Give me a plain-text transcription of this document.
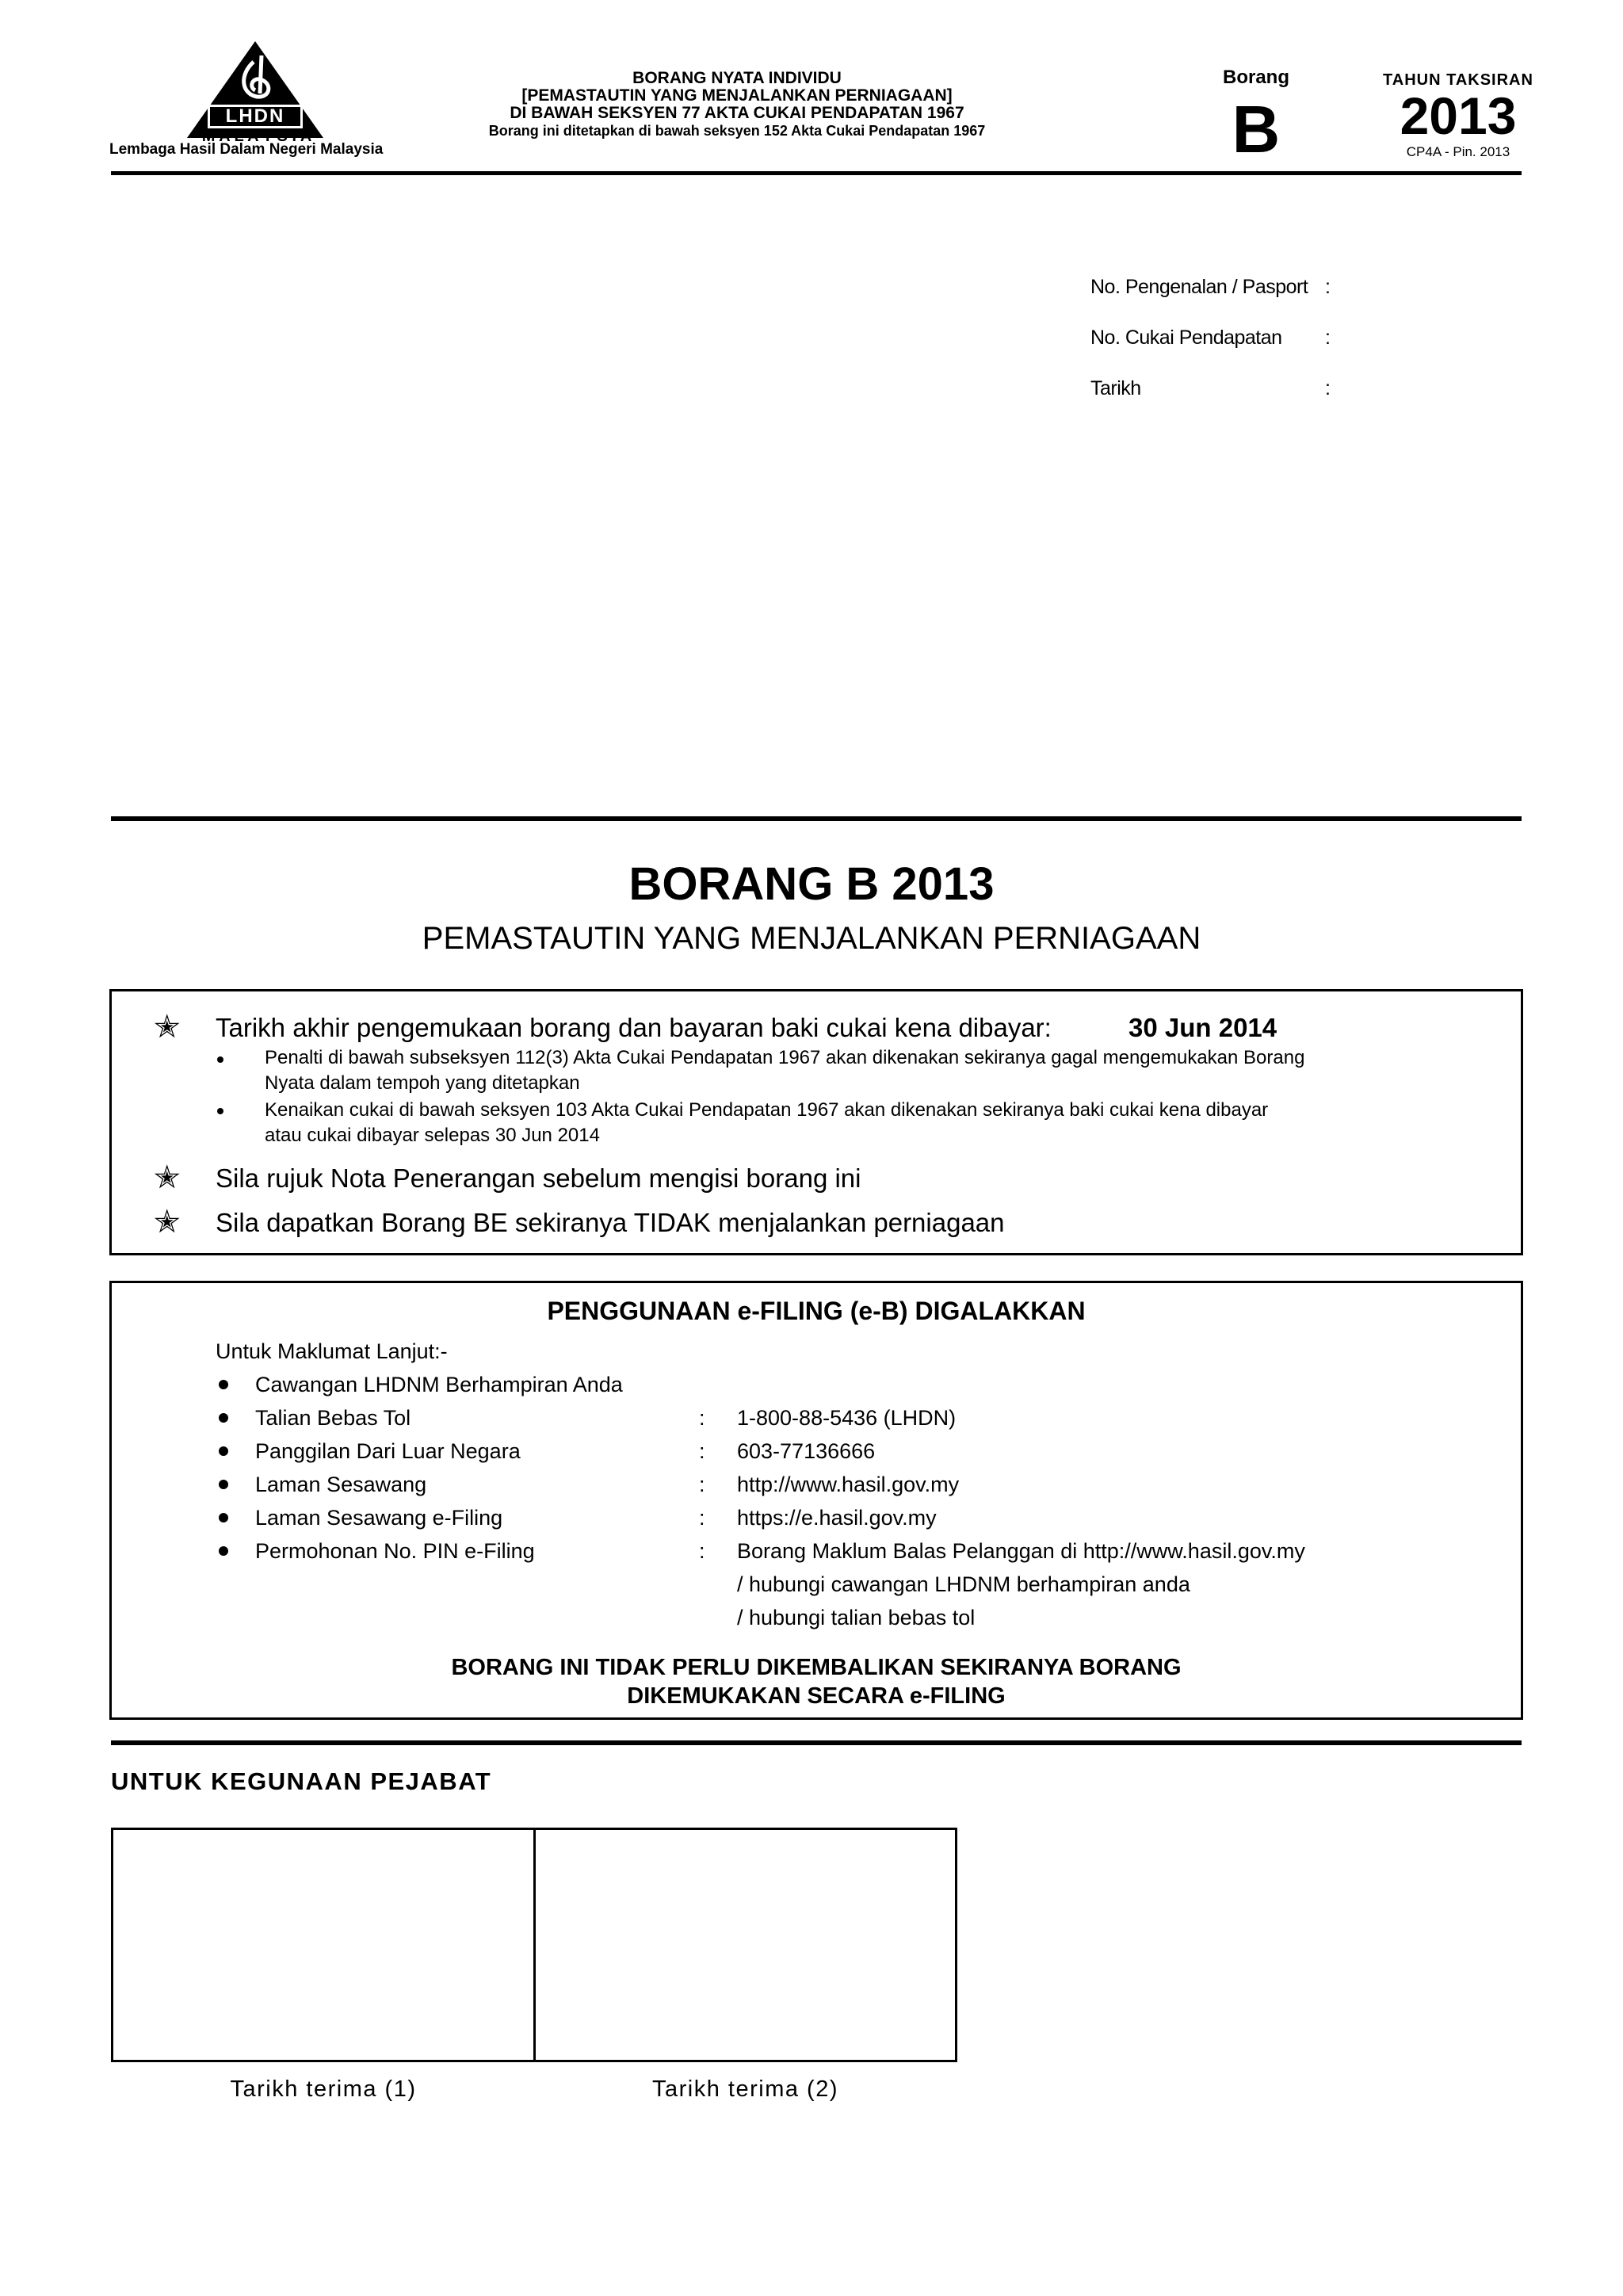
LHDN
M A L A Y S I A
Lembaga Hasil Dalam Negeri Malaysia
BORANG NYATA INDIVIDU
[PEMASTAUTIN YANG MENJALANKAN PERNIAGAAN]
DI BAWAH SEKSYEN 77 AKTA CUKAI PENDAPATAN 1967
Borang ini ditetapkan di bawah seksyen 152 Akta Cukai Pendapatan 1967
Borang
B
TAHUN TAKSIRAN
2013
CP4A - Pin. 2013
No. Pengenalan / Pasport :
No. Cukai Pendapatan :
Tarikh	:
BORANG B 2013
PEMASTAUTIN YANG MENJALANKAN PERNIAGAAN
✭ Tarikh akhir pengemukaan borang dan bayaran baki cukai kena dibayar:	30 Jun 2014
Penalti di bawah subseksyen 112(3) Akta Cukai Pendapatan 1967 akan dikenakan sekiranya gagal mengemukakan Borang
Nyata dalam tempoh yang ditetapkan
Kenaikan cukai di bawah seksyen 103 Akta Cukai Pendapatan 1967 akan dikenakan sekiranya baki cukai kena dibayar
atau cukai dibayar selepas 30 Jun 2014
✭ Sila rujuk Nota Penerangan sebelum mengisi borang ini
✭ Sila dapatkan Borang BE sekiranya TIDAK menjalankan perniagaan
PENGGUNAAN e-FILING (e-B) DIGALAKKAN
Untuk Maklumat Lanjut:-
Cawangan LHDNM Berhampiran Anda
Talian Bebas Tol	: 1-800-88-5436 (LHDN)
Panggilan Dari Luar Negara	: 603-77136666
Laman Sesawang	: http://www.hasil.gov.my
Laman Sesawang e-Filing	: https://e.hasil.gov.my
Permohonan No. PIN e-Filing	: Borang Maklum Balas Pelanggan di http://www.hasil.gov.my
/ hubungi cawangan LHDNM berhampiran anda
/ hubungi talian bebas tol
BORANG INI TIDAK PERLU DIKEMBALIKAN SEKIRANYA BORANG
DIKEMUKAKAN SECARA e-FILING
UNTUK KEGUNAAN PEJABAT
Tarikh terima (1)	Tarikh terima (2)
